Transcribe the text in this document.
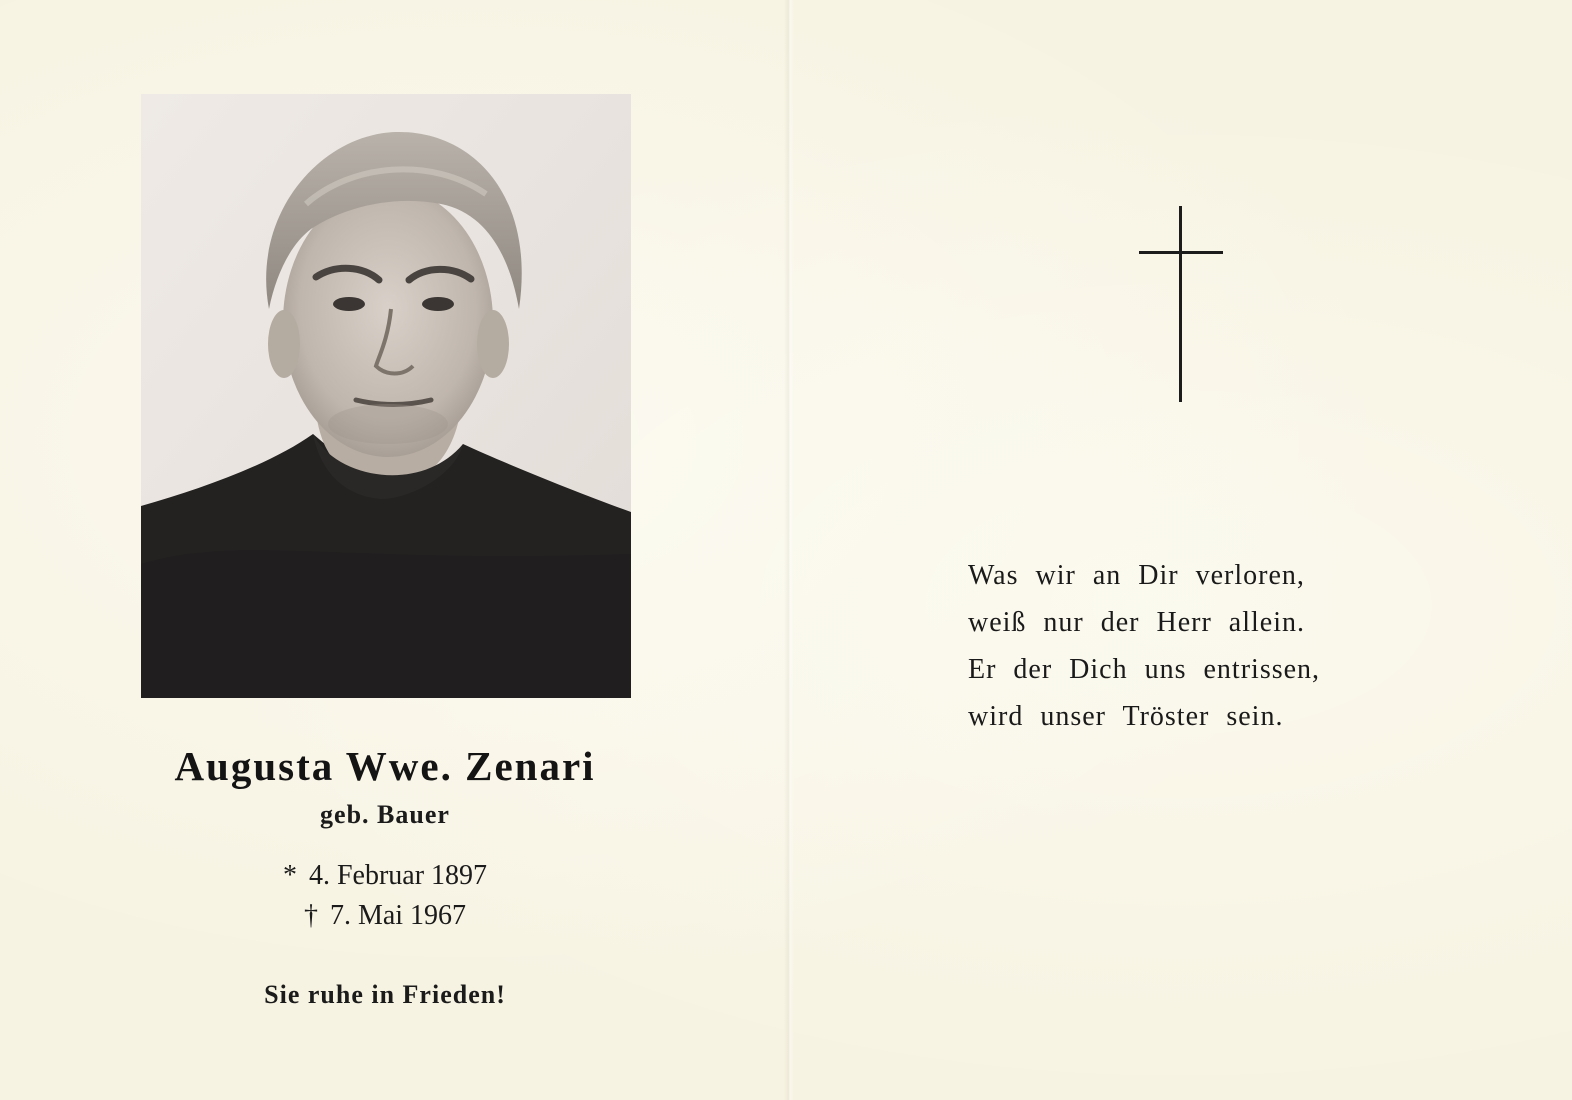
Augusta Wwe. Zenari
geb. Bauer
* 4. Februar 1897
† 7. Mai 1967
Sie ruhe in Frieden!
Was wir an Dir verloren,
weiß nur der Herr allein.
Er der Dich uns entrissen,
wird unser Tröster sein.
